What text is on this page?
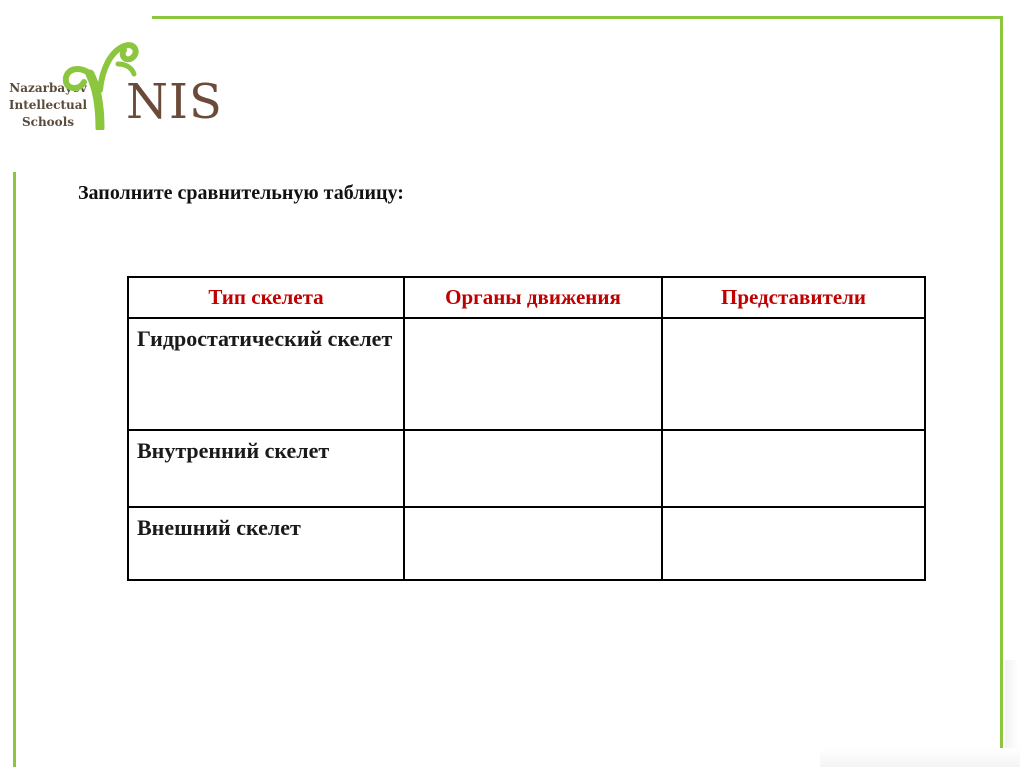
Nazarbayev
Intellectual
Schools NIS
Заполните сравнительную таблицу:
Тип скелета	Органы движения	Представители
Гидростатический скелет		
Внутренний скелет		
Внешний скелет		
